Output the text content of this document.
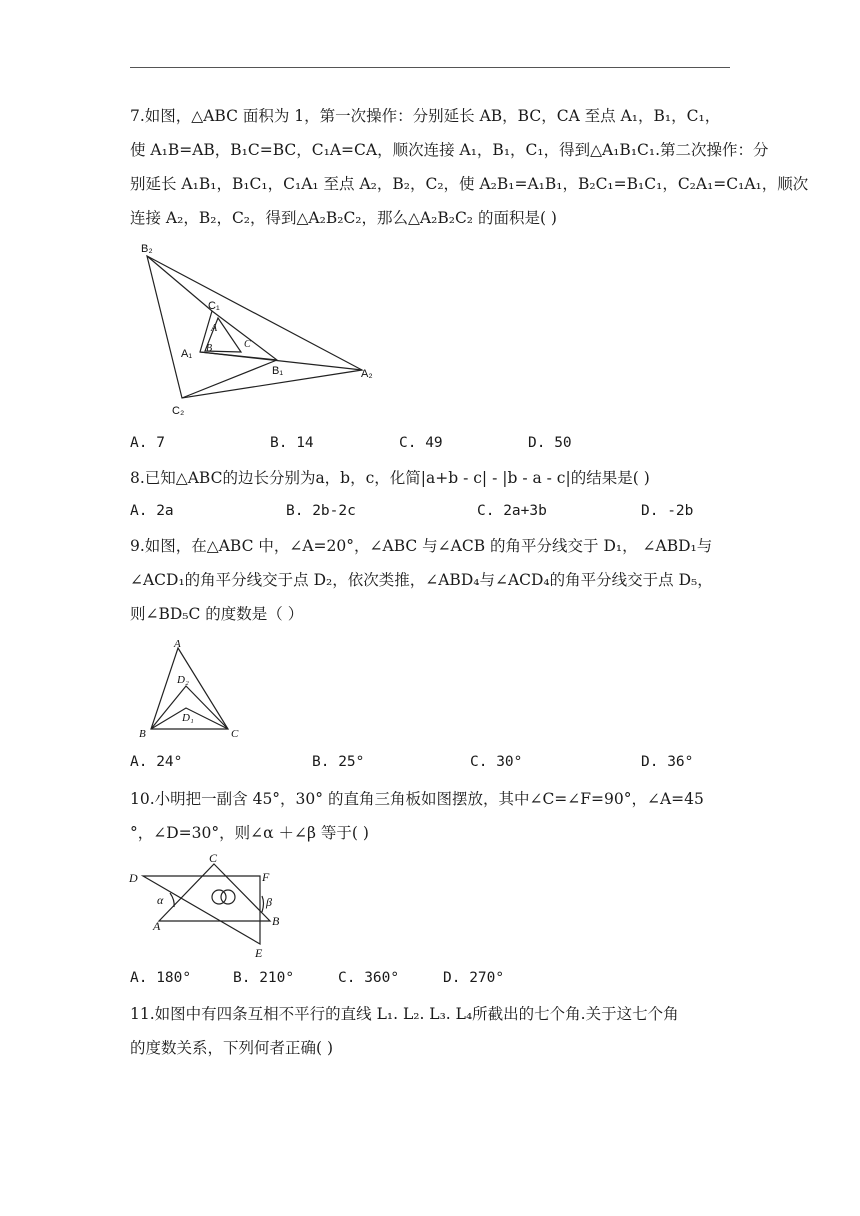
7.如图，△ABC 面积为 1，第一次操作：分别延长 AB，BC，CA 至点 A₁，B₁，C₁，
使 A₁B=AB，B₁C=BC，C₁A=CA，顺次连接 A₁，B₁，C₁，得到△A₁B₁C₁.第二次操作：分
别延长 A₁B₁，B₁C₁，C₁A₁ 至点 A₂，B₂，C₂，使 A₂B₁=A₁B₁，B₂C₁=B₁C₁，C₂A₁=C₁A₁，顺次
连接 A₂，B₂，C₂，得到△A₂B₂C₂，那么△A₂B₂C₂ 的面积是( )
B₂
C₁
A
B	C
A₁
B₁	A₂
C₂
A. 7	B. 14	C. 49	D. 50
8.已知△ABC的边长分别为a，b，c，化简|a+b - c| - |b - a - c|的结果是( )
A. 2a	B. 2b-2c	C. 2a+3b	D. -2b
9.如图，在△ABC 中，∠A=20°，∠ABC 与∠ACB 的角平分线交于 D₁， ∠ABD₁与
∠ACD₁的角平分线交于点 D₂，依次类推，∠ABD₄与∠ACD₄的角平分线交于点 D₅，
则∠BD₅C 的度数是（ ）
A
D₂
D₁
B	C
A. 24°	B. 25°	C. 30°	D. 36°
10.小明把一副含 45°，30° 的直角三角板如图摆放，其中∠C=∠F=90°，∠A=45
°，∠D=30°，则∠α ＋∠β 等于( )
D
C
F
α	β
A	B
E
A. 180°	B. 210°	C. 360°	D. 270°
11.如图中有四条互相不平行的直线 L₁. L₂. L₃. L₄所截出的七个角.关于这七个角
的度数关系，下列何者正确( )
